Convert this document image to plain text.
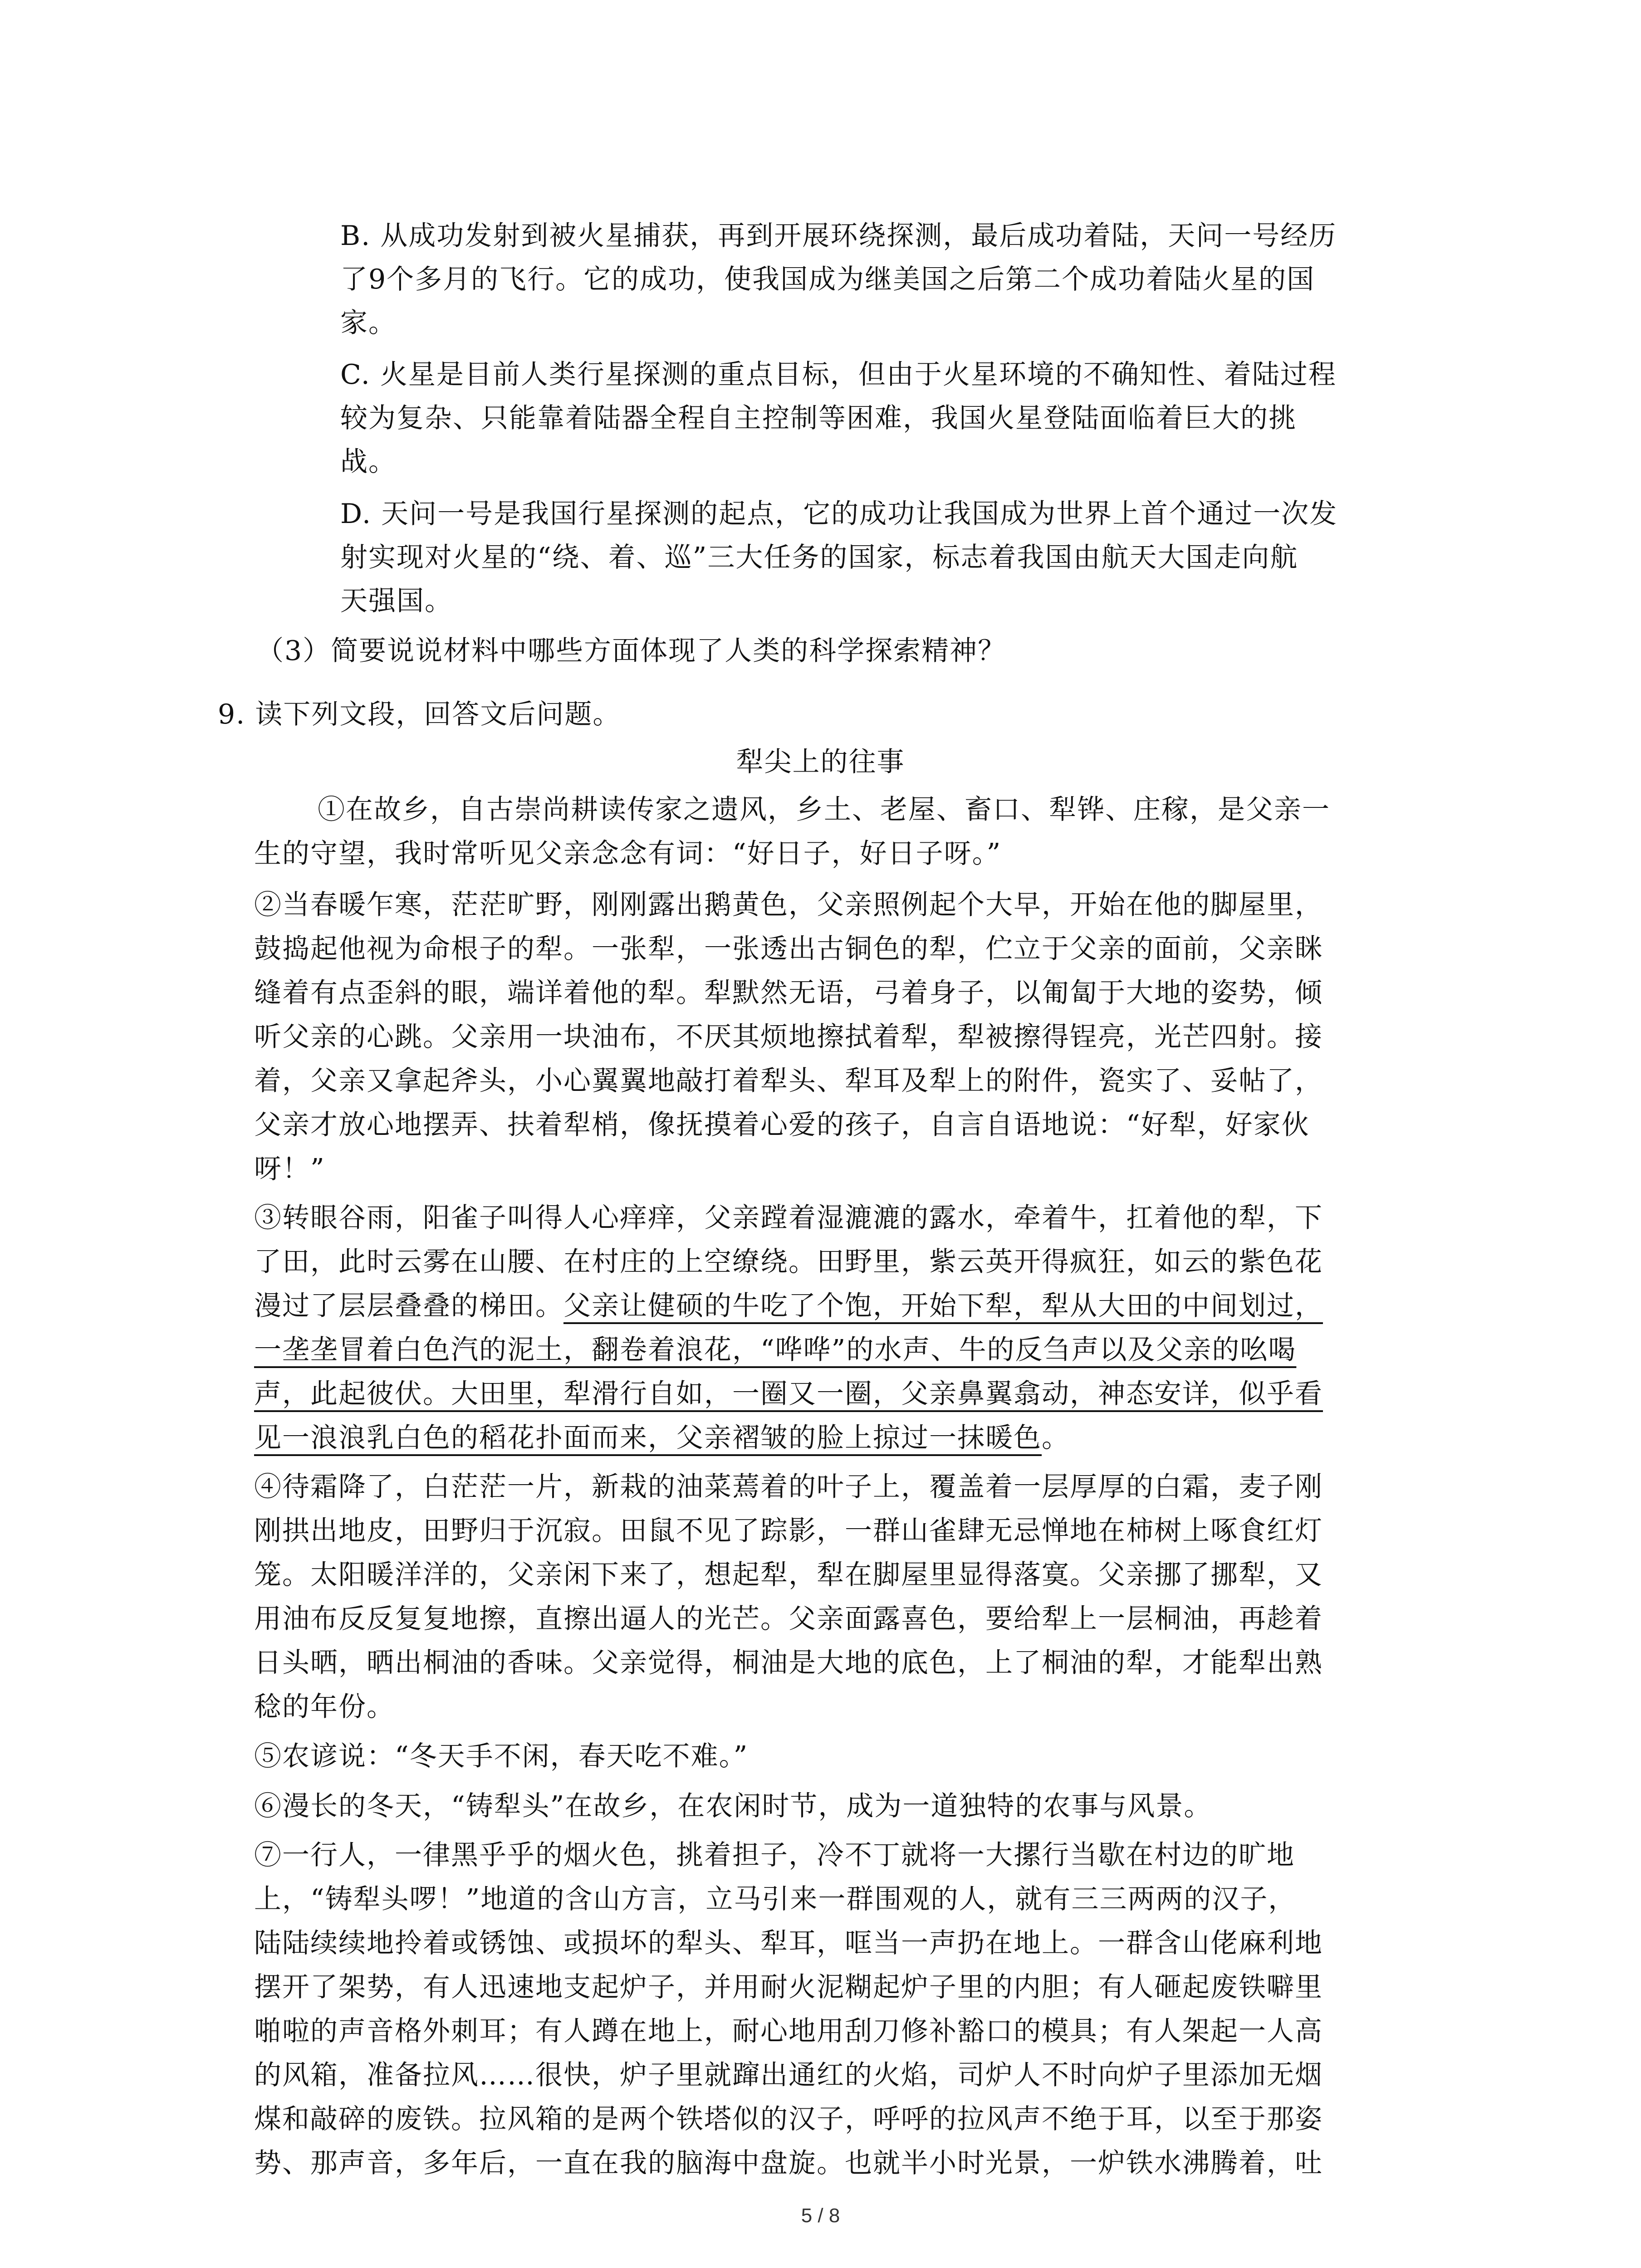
B. 从成功发射到被火星捕获，再到开展环绕探测，最后成功着陆，天问一号经历
了9个多月的飞行。它的成功，使我国成为继美国之后第二个成功着陆火星的国
家。
C. 火星是目前人类行星探测的重点目标，但由于火星环境的不确知性、着陆过程
较为复杂、只能靠着陆器全程自主控制等困难，我国火星登陆面临着巨大的挑
战。
D. 天问一号是我国行星探测的起点，它的成功让我国成为世界上首个通过一次发
射实现对火星的“绕、着、巡”三大任务的国家，标志着我国由航天大国走向航
天强国。
（3）简要说说材料中哪些方面体现了人类的科学探索精神？
9. 读下列文段，回答文后问题。
犁尖上的往事
①在故乡，自古崇尚耕读传家之遗风，乡土、老屋、畜口、犁铧、庄稼，是父亲一
生的守望，我时常听见父亲念念有词：“好日子，好日子呀。”
②当春暖乍寒，茫茫旷野，刚刚露出鹅黄色，父亲照例起个大早，开始在他的脚屋里，
鼓捣起他视为命根子的犁。一张犁，一张透出古铜色的犁，伫立于父亲的面前，父亲眯
缝着有点歪斜的眼，端详着他的犁。犁默然无语，弓着身子，以匍匐于大地的姿势，倾
听父亲的心跳。父亲用一块油布，不厌其烦地擦拭着犁，犁被擦得锃亮，光芒四射。接
着，父亲又拿起斧头，小心翼翼地敲打着犁头、犁耳及犁上的附件，瓷实了、妥帖了，
父亲才放心地摆弄、扶着犁梢，像抚摸着心爱的孩子，自言自语地说：“好犁，好家伙
呀！”
③转眼谷雨，阳雀子叫得人心痒痒，父亲蹚着湿漉漉的露水，牵着牛，扛着他的犁，下
了田，此时云雾在山腰、在村庄的上空缭绕。田野里，紫云英开得疯狂，如云的紫色花
漫过了层层叠叠的梯田。父亲让健硕的牛吃了个饱，开始下犁，犁从大田的中间划过，
一垄垄冒着白色汽的泥土，翻卷着浪花，“哗哗”的水声、牛的反刍声以及父亲的吆喝
声，此起彼伏。大田里，犁滑行自如，一圈又一圈，父亲鼻翼翕动，神态安详，似乎看
见一浪浪乳白色的稻花扑面而来，父亲褶皱的脸上掠过一抹暖色。
④待霜降了，白茫茫一片，新栽的油菜蔫着的叶子上，覆盖着一层厚厚的白霜，麦子刚
刚拱出地皮，田野归于沉寂。田鼠不见了踪影，一群山雀肆无忌惮地在柿树上啄食红灯
笼。太阳暖洋洋的，父亲闲下来了，想起犁，犁在脚屋里显得落寞。父亲挪了挪犁，又
用油布反反复复地擦，直擦出逼人的光芒。父亲面露喜色，要给犁上一层桐油，再趁着
日头晒，晒出桐油的香味。父亲觉得，桐油是大地的底色，上了桐油的犁，才能犁出熟
稔的年份。
⑤农谚说：“冬天手不闲，春天吃不难。”
⑥漫长的冬天，“铸犁头”在故乡，在农闲时节，成为一道独特的农事与风景。
⑦一行人，一律黑乎乎的烟火色，挑着担子，冷不丁就将一大摞行当歇在村边的旷地
上，“铸犁头啰！”地道的含山方言，立马引来一群围观的人，就有三三两两的汉子，
陆陆续续地拎着或锈蚀、或损坏的犁头、犁耳，哐当一声扔在地上。一群含山佬麻利地
摆开了架势，有人迅速地支起炉子，并用耐火泥糊起炉子里的内胆；有人砸起废铁噼里
啪啦的声音格外刺耳；有人蹲在地上，耐心地用刮刀修补豁口的模具；有人架起一人高
的风箱，准备拉风……很快，炉子里就蹿出通红的火焰，司炉人不时向炉子里添加无烟
煤和敲碎的废铁。拉风箱的是两个铁塔似的汉子，呼呼的拉风声不绝于耳，以至于那姿
势、那声音，多年后，一直在我的脑海中盘旋。也就半小时光景，一炉铁水沸腾着，吐
5 / 8
